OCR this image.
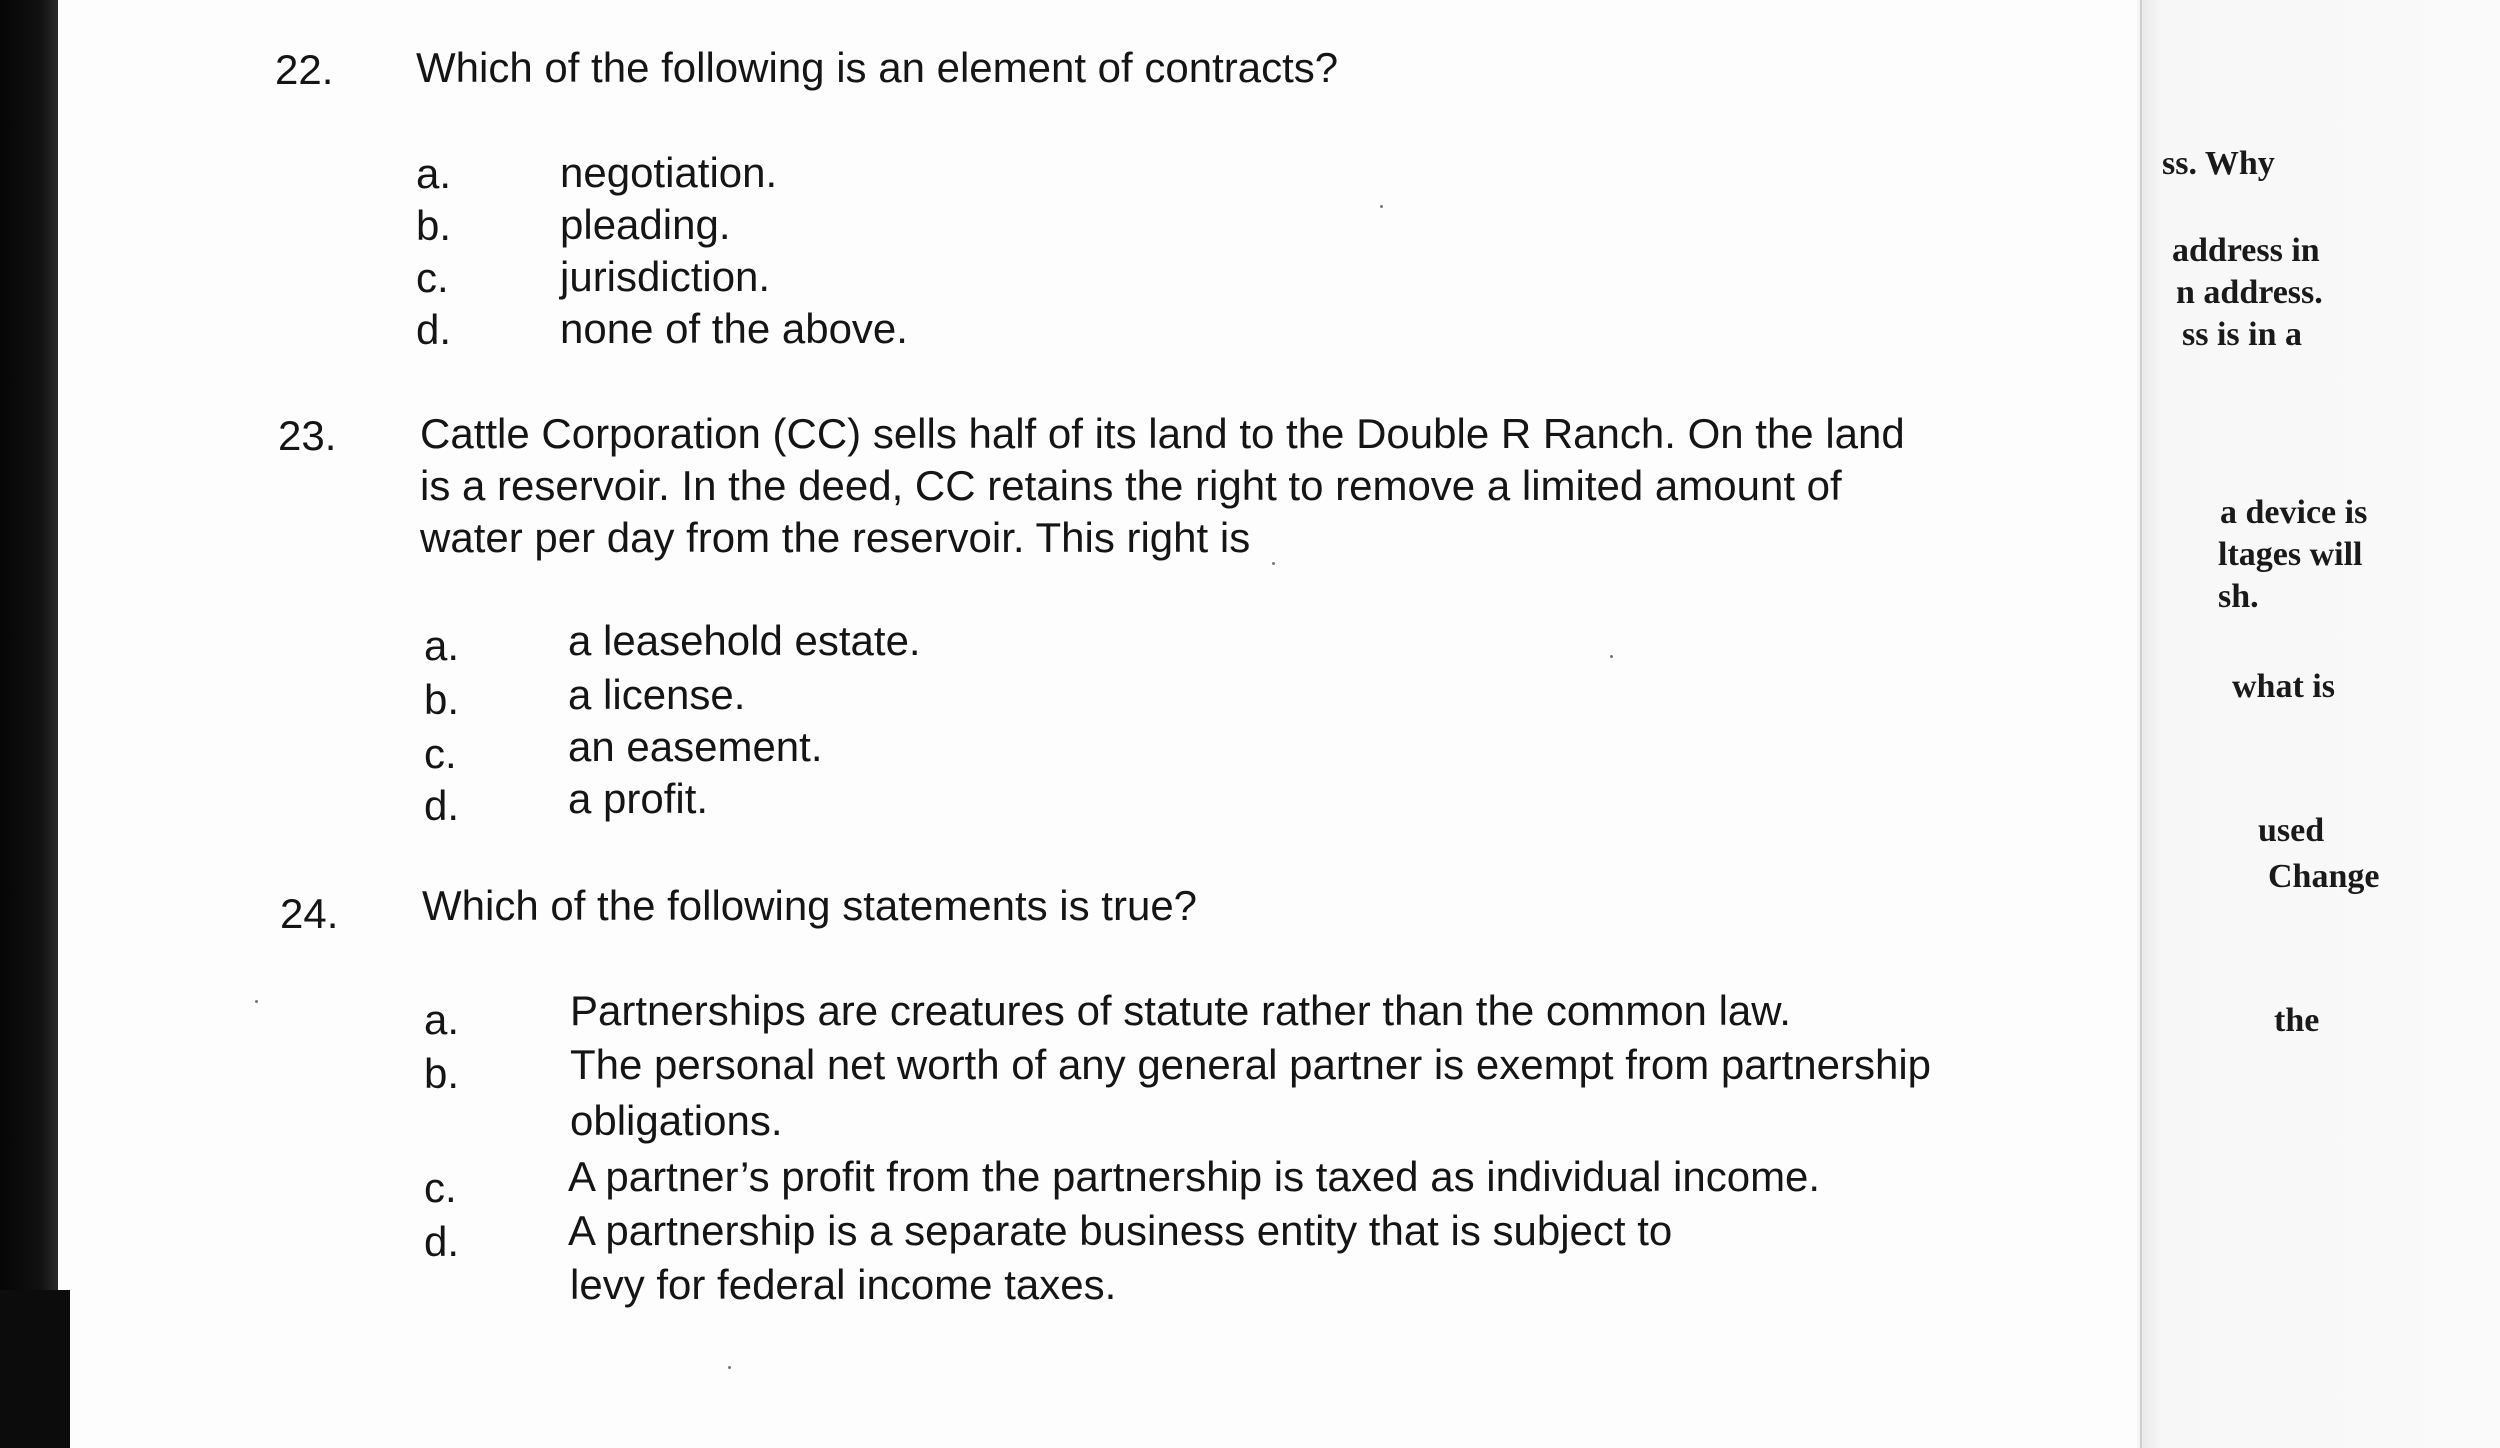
ss. Why
address in
n address.
ss is in a
a device is
ltages will
sh.
what is
used
Change
the
22. Which of the following is an element of contracts?
a.	negotiation.
b.	pleading.
c.	jurisdiction.
d.	none of the above.
23. Cattle Corporation (CC) sells half of its land to the Double R Ranch. On the land
is a reservoir. In the deed, CC retains the right to remove a limited amount of
water per day from the reservoir. This right is
a.	a leasehold estate.
b.	a license.
c.	an easement.
d.	a profit.
24. Which of the following statements is true?
a.	Partnerships are creatures of statute rather than the common law.
b.	The personal net worth of any general partner is exempt from partnership
obligations.
c.	A partner’s profit from the partnership is taxed as individual income.
d.	A partnership is a separate business entity that is subject to
levy for federal income taxes.
